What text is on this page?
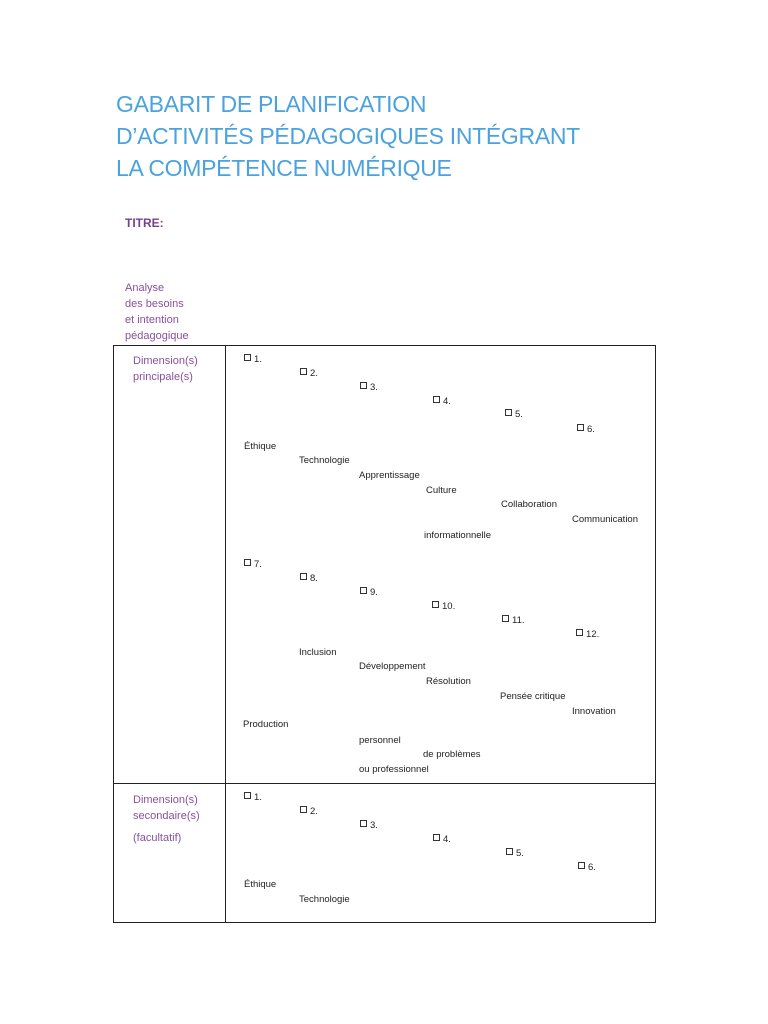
GABARIT DE PLANIFICATION
D’ACTIVITÉS PÉDAGOGIQUES INTÉGRANT
LA COMPÉTENCE NUMÉRIQUE
TITRE:
Analyse
des besoins
et intention
pédagogique
Dimension(s)
principale(s)
1.
2.
3.
4.
5.
6.
Éthique
Technologie
Apprentissage
Culture
Collaboration
Communication
informationnelle
7.
8.
9.
10.
11.
12.
Inclusion
Développement
Résolution
Pensée critique
Innovation
Production
personnel
de problèmes
ou professionnel
Dimension(s)
secondaire(s)
(facultatif)
1.
2.
3.
4.
5.
6.
Éthique
Technologie
